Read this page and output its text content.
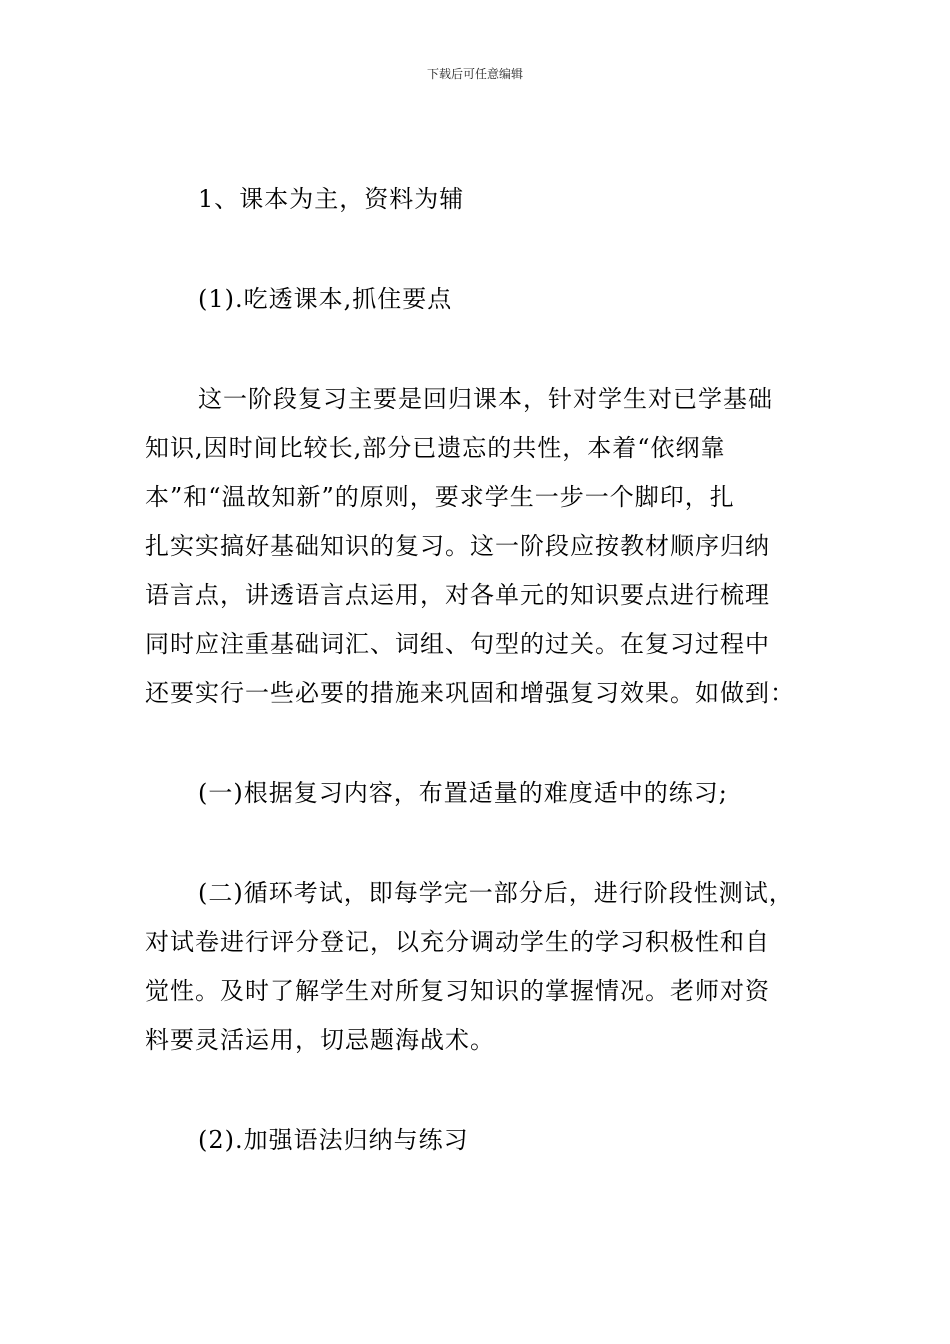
下载后可任意编辑
1、课本为主，资料为辅
(1).吃透课本,抓住要点
这一阶段复习主要是回归课本，针对学生对已学基础
知识,因时间比较长,部分已遗忘的共性，本着“依纲靠
本”和“温故知新”的原则，要求学生一步一个脚印，扎
扎实实搞好基础知识的复习。这一阶段应按教材顺序归纳
语言点，讲透语言点运用，对各单元的知识要点进行梳理
同时应注重基础词汇、词组、句型的过关。在复习过程中
还要实行一些必要的措施来巩固和增强复习效果。如做到：
(一)根据复习内容，布置适量的难度适中的练习;
(二)循环考试，即每学完一部分后，进行阶段性测试，
对试卷进行评分登记，以充分调动学生的学习积极性和自
觉性。及时了解学生对所复习知识的掌握情况。老师对资
料要灵活运用，切忌题海战术。
(2).加强语法归纳与练习
